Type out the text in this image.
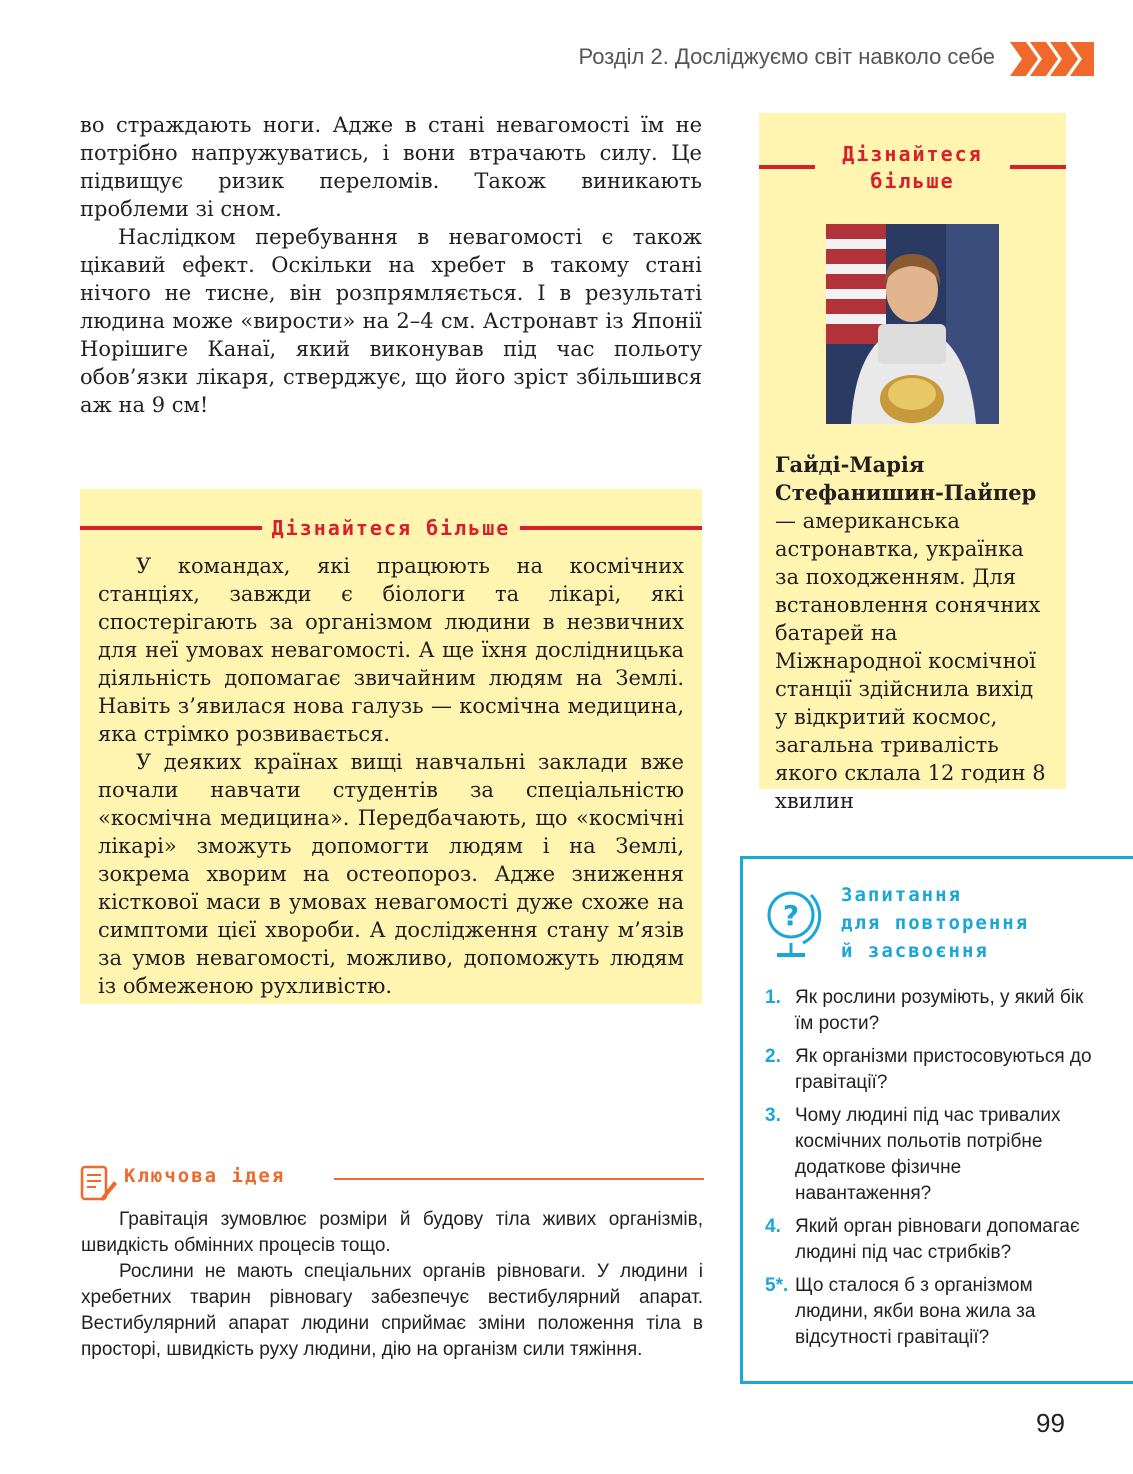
Розділ 2. Досліджуємо світ навколо себе

во страждають ноги. Адже в стані невагомості їм не потрібно напружуватись, і вони втрачають силу. Це підвищує ризик переломів. Також виникають проблеми зі сном.

Наслідком перебування в невагомості є також цікавий ефект. Оскільки на хребет в такому стані нічого не тисне, він розпрямляється. І в результаті людина може «вирости» на 2–4 см. Астронавт із Японії Норішиге Канаї, який виконував під час польоту обов’язки лікаря, стверджує, що його зріст збільшився аж на 9 см!

Дізнайтеся більше

У командах, які працюють на космічних станціях, завжди є біологи та лікарі, які спостерігають за організмом людини в незвичних для неї умовах невагомості. А ще їхня дослідницька діяльність допомагає звичайним людям на Землі. Навіть з’явилася нова галузь — космічна медицина, яка стрімко розвивається.

У деяких країнах вищі навчальні заклади вже почали навчати студентів за спеціальністю «космічна медицина». Передбачають, що «космічні лікарі» зможуть допомогти людям і на Землі, зокрема хворим на остеопороз. Адже зниження кісткової маси в умовах невагомості дуже схоже на симптоми цієї хвороби. А дослідження стану м’язів за умов невагомості, можливо, допоможуть людям із обмеженою рухливістю.

Дізнайтеся
більше
Гайді-Марія Стефанишин-Пайпер — американська астронавтка, українка за походженням. Для встановлення сонячних батарей на Міжнародної космічної станції здійснила вихід у відкритий космос, загальна тривалість якого склала 12 годин 8 хвилин
?
Запитання
для повторення
й засвоєння
1. Як рослини розуміють, у який бік їм рости?
2. Як організми пристосовуються до гравітації?
3. Чому людині під час тривалих космічних польотів потрібне додаткове фізичне навантаження?
4. Який орган рівноваги допомагає людині під час стрибків?
5*. Що сталося б з організмом людини, якби вона жила за відсутності гравітації?
Ключова ідея

Гравітація зумовлює розміри й будову тіла живих організмів, швидкість обмінних процесів тощо.

Рослини не мають спеціальних органів рівноваги. У людини і хребетних тварин рівновагу забезпечує вестибулярний апарат. Вестибулярний апарат людини сприймає зміни положення тіла в просторі, швидкість руху людини, дію на організм сили тяжіння.

99
